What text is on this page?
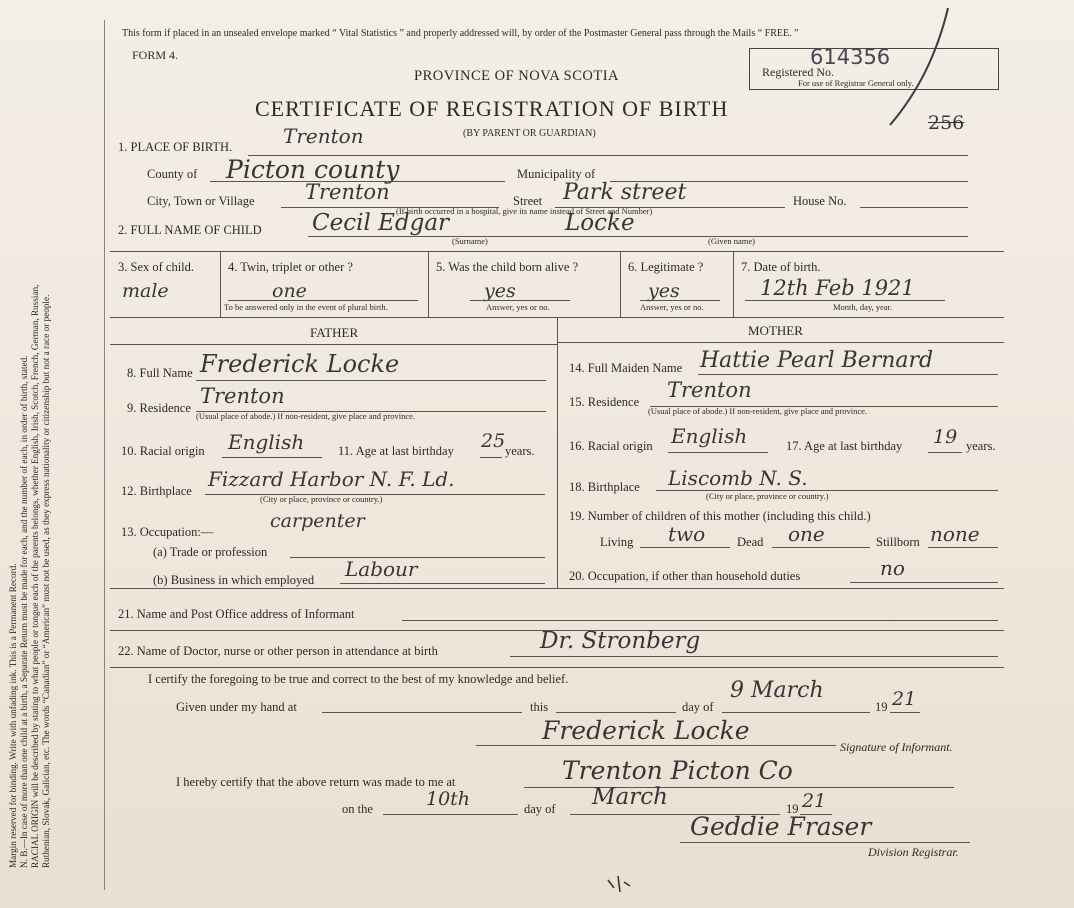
Margin reserved for binding. Write with unfading ink. This is a Permanent Record. N. B.—In case of more than one child at a birth, a Separate Return must be made for each, and the number of each, in order of birth, stated. RACIAL ORIGIN will be described by stating to what people or tongue each of the parents belongs, whether English, Irish, Scotch, French, German, Russian, Ruthenian, Slovak, Galician, etc. The words “Canadian” or “American” must not be used, as they express nationality or citizenship but not a race or people.
This form if placed in an unsealed envelope marked “ Vital Statistics ” and properly addressed will, by order of the Postmaster General pass through the Mails “ FREE. ”
FORM 4.
PROVINCE OF NOVA SCOTIA
CERTIFICATE OF REGISTRATION OF BIRTH
(BY PARENT OR GUARDIAN)
Registered No.
614356
For use of Registrar General only.
256
1. PLACE OF BIRTH.	Trenton
County of Picton county	Municipality of
City, Town or Village Trenton	Street Park street	House No.
(If birth occurred in a hospital, give its name instead of Street and Number)
2. FULL NAME OF CHILD Cecil Edgar	Locke
(Surname)	(Given name)
3. Sex of child.
male
4. Twin, triplet or other ?
one
To be answered only in the event of plural birth.
5. Was the child born alive ?
yes
Answer, yes or no.
6. Legitimate ?
yes
Answer, yes or no.
7. Date of birth.
12th Feb 1921
Month, day, year.
FATHER	MOTHER
8. Full Name Frederick Locke
9. Residence Trenton
(Usual place of abode.) If non-resident, give place and province.
10. Racial origin English	11. Age at last birthday 25 years.
12. Birthplace Fizzard Harbor N. F. Ld.
(City or place, province or country.)
13. Occupation:—	carpenter
(a) Trade or profession
(b) Business in which employed Labour
14. Full Maiden Name Hattie Pearl Bernard
15. Residence Trenton
(Usual place of abode.) If non-resident, give place and province.
16. Racial origin English	17. Age at last birthday 19 years.
18. Birthplace Liscomb N. S.
(City or place, province or country.)
19. Number of children of this mother (including this child.)
Living two	Dead one	Stillborn none
20. Occupation, if other than household duties	no
21. Name and Post Office address of Informant
22. Name of Doctor, nurse or other person in attendance at birth	Dr. Stronberg
I certify the foregoing to be true and correct to the best of my knowledge and belief.
Given under my hand at	this	day of
9 March
19 21
Frederick Locke
Signature of Informant.
I hereby certify that the above return was made to me at	Trenton Picton Co
on the	10th	day of March	19 21
Geddie Fraser
Division Registrar.
